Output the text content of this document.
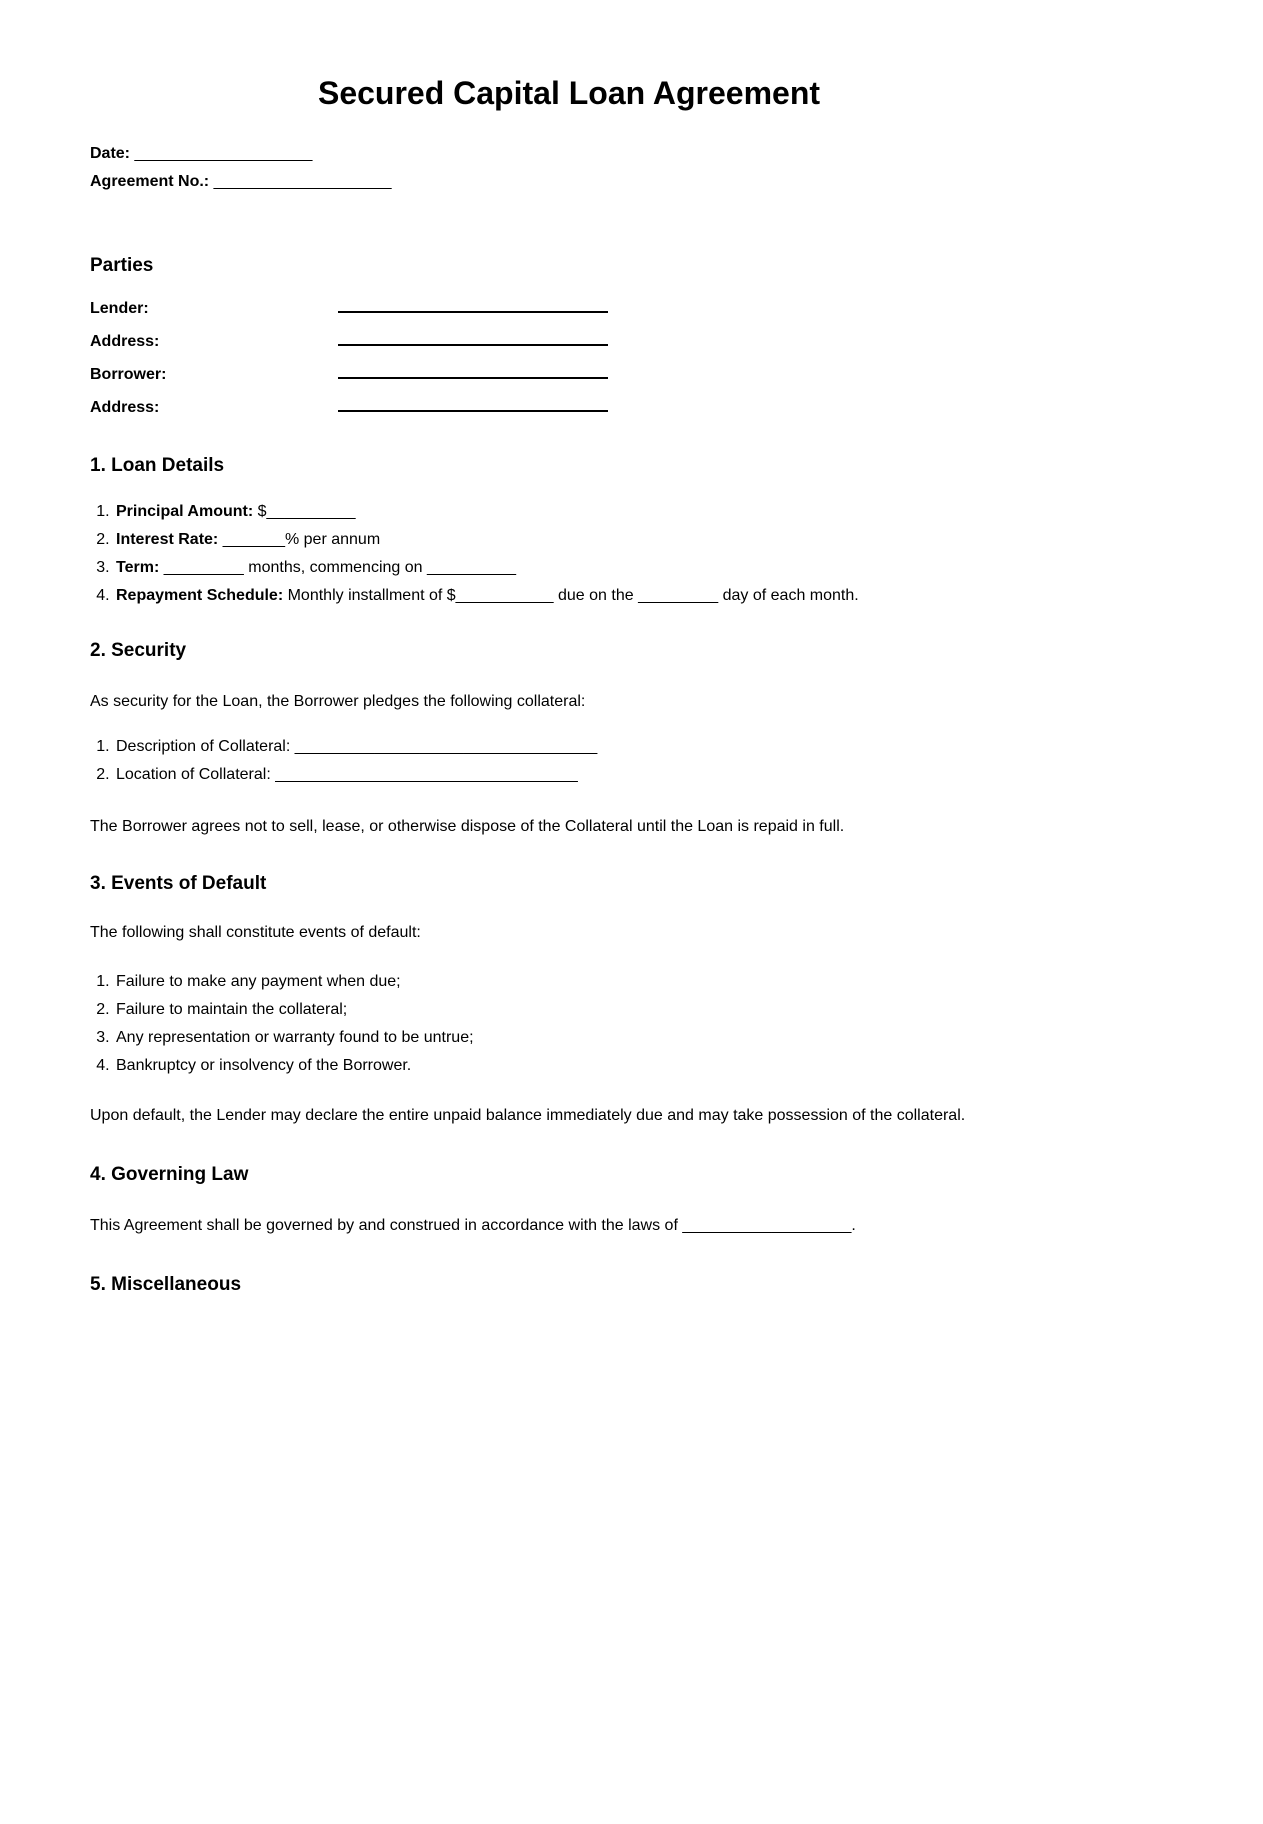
Secured Capital Loan Agreement
Date: ____________________
Agreement No.: ____________________
Parties
Lender:
Address:
Borrower:
Address:
1. Loan Details
1. Principal Amount: $__________
2. Interest Rate: _______% per annum
3. Term: _________ months, commencing on __________
4. Repayment Schedule: Monthly installment of $___________ due on the _________ day of each month.
2. Security

As security for the Loan, the Borrower pledges the following collateral:

1. Description of Collateral: __________________________________
2. Location of Collateral: __________________________________

The Borrower agrees not to sell, lease, or otherwise dispose of the Collateral until the Loan is repaid in full.

3. Events of Default

The following shall constitute events of default:

1. Failure to make any payment when due;
2. Failure to maintain the collateral;
3. Any representation or warranty found to be untrue;
4. Bankruptcy or insolvency of the Borrower.

Upon default, the Lender may declare the entire unpaid balance immediately due and may take possession of the collateral.

4. Governing Law

This Agreement shall be governed by and construed in accordance with the laws of ___________________.

5. Miscellaneous
